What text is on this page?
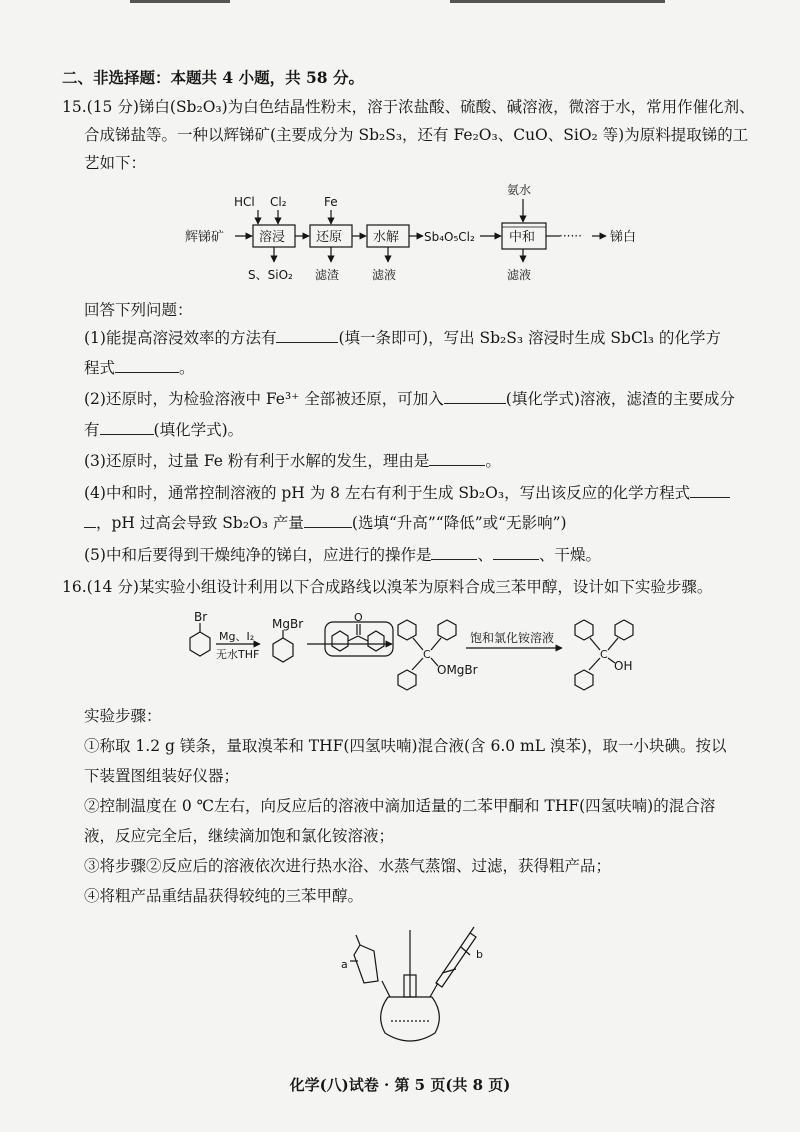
二、非选择题：本题共 4 小题，共 58 分。
15.(15 分)锑白(Sb₂O₃)为白色结晶性粉末，溶于浓盐酸、硫酸、碱溶液，微溶于水，常用作催化剂、
合成锑盐等。一种以辉锑矿(主要成分为 Sb₂S₃，还有 Fe₂O₃、CuO、SiO₂ 等)为原料提取锑的工
艺如下：
辉锑矿
HCl Cl₂
溶浸
S、SiO₂
Fe
还原
滤渣
水解
滤液
Sb₄O₅Cl₂
氨水
中和
滤液
······ 锑白
回答下列问题：
(1)能提高溶浸效率的方法有	(填一条即可)，写出 Sb₂S₃ 溶浸时生成 SbCl₃ 的化学方
程式	。
(2)还原时，为检验溶液中 Fe³⁺ 全部被还原，可加入	(填化学式)溶液，滤渣的主要成分
有	(填化学式)。
(3)还原时，过量 Fe 粉有利于水解的发生，理由是	。
(4)中和时，通常控制溶液的 pH 为 8 左右有利于生成 Sb₂O₃，写出该反应的化学方程式
，pH 过高会导致 Sb₂O₃ 产量	(选填“升高”“降低”或“无影响”)
(5)中和后要得到干燥纯净的锑白，应进行的操作是	、	、干燥。
16.(14 分)某实验小组设计利用以下合成路线以溴苯为原料合成三苯甲醇，设计如下实验步骤。
Br	MgBr
Mg、I₂
无水THF
O
C
OMgBr
饱和氯化铵溶液
C
OH
实验步骤：
①称取 1.2 g 镁条，量取溴苯和 THF(四氢呋喃)混合液(含 6.0 mL 溴苯)，取一小块碘。按以
下装置图组装好仪器；
②控制温度在 0 ℃左右，向反应后的溶液中滴加适量的二苯甲酮和 THF(四氢呋喃)的混合溶
液，反应完全后，继续滴加饱和氯化铵溶液；
③将步骤②反应后的溶液依次进行热水浴、水蒸气蒸馏、过滤，获得粗产品；
④将粗产品重结晶获得较纯的三苯甲醇。
a
b
化学(八)试卷 · 第 5 页(共 8 页)
